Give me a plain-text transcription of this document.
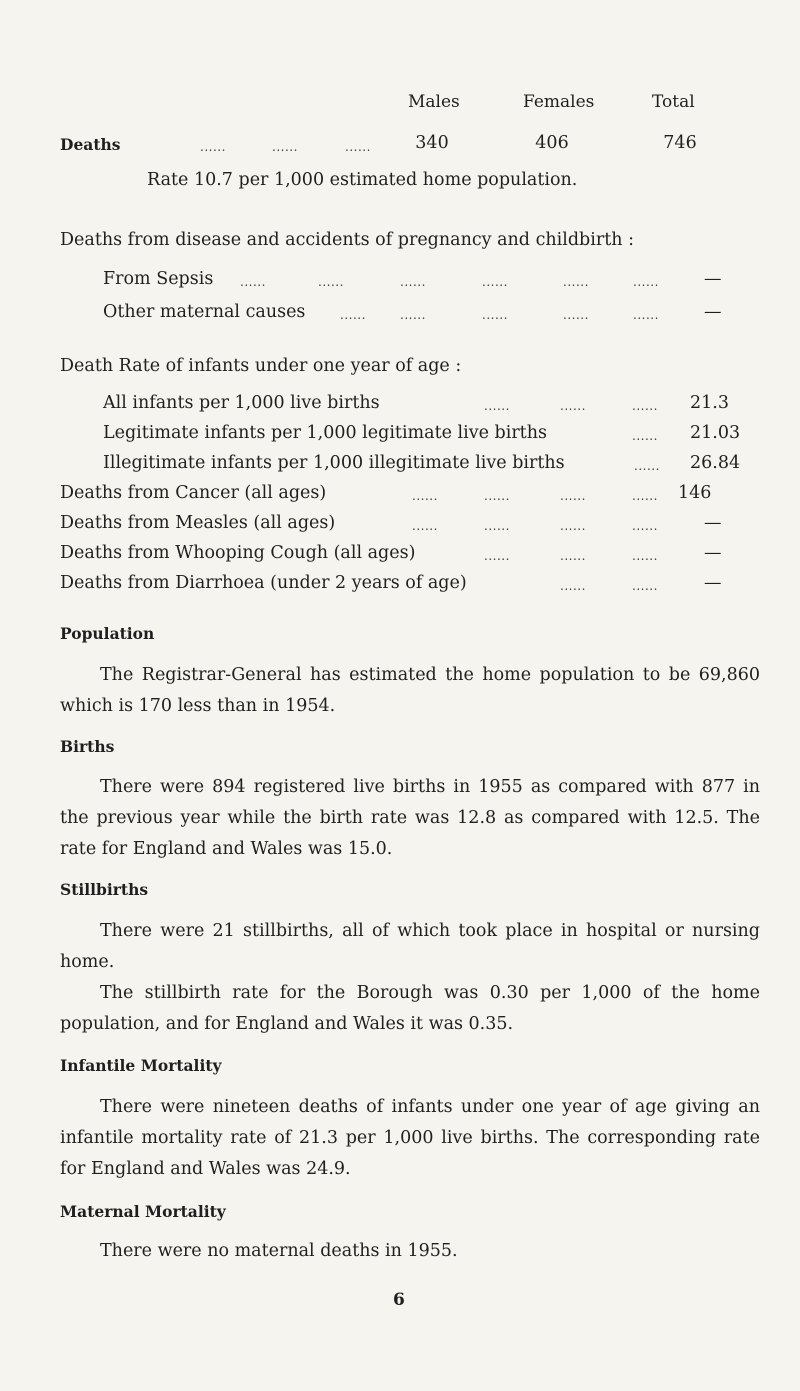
Males	Females	Total
Deaths	......	......	......	340	406	746
Rate 10.7 per 1,000 estimated home population.
Deaths from disease and accidents of pregnancy and childbirth :
From Sepsis ......	......	......	......	......	......	—
Other maternal causes	......	......	......	......	......	—
Death Rate of infants under one year of age :
All infants per 1,000 live births	......	......	...... 21.3
Legitimate infants per 1,000 legitimate live births	...... 21.03
Illegitimate infants per 1,000 illegitimate live births	...... 26.84
Deaths from Cancer (all ages)	......	......	......	...... 146
Deaths from Measles (all ages)	......	......	......	......	—
Deaths from Whooping Cough (all ages)	......	......	......	—
Deaths from Diarrhoea (under 2 years of age)	......	......	—
Population
The Registrar-General has estimated the home population to be 69,860 which is 170 less than in 1954.
Births
There were 894 registered live births in 1955 as compared with 877 in the previous year while the birth rate was 12.8 as compared with 12.5. The rate for England and Wales was 15.0.
Stillbirths
There were 21 stillbirths, all of which took place in hospital or nursing home.
The stillbirth rate for the Borough was 0.30 per 1,000 of the home population, and for England and Wales it was 0.35.
Infantile Mortality
There were nineteen deaths of infants under one year of age giving an infantile mortality rate of 21.3 per 1,000 live births. The corresponding rate for England and Wales was 24.9.
Maternal Mortality
There were no maternal deaths in 1955.
6
